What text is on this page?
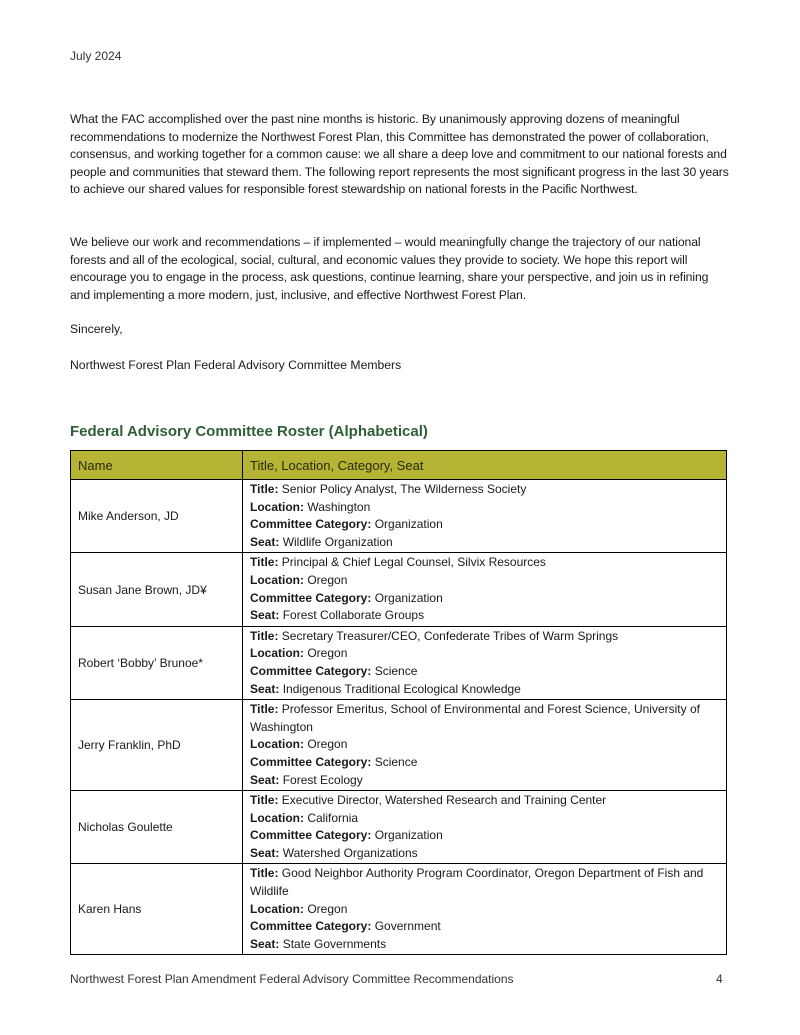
July 2024
What the FAC accomplished over the past nine months is historic. By unanimously approving dozens of meaningful recommendations to modernize the Northwest Forest Plan, this Committee has demonstrated the power of collaboration, consensus, and working together for a common cause: we all share a deep love and commitment to our national forests and people and communities that steward them. The following report represents the most significant progress in the last 30 years to achieve our shared values for responsible forest stewardship on national forests in the Pacific Northwest.
We believe our work and recommendations – if implemented – would meaningfully change the trajectory of our national forests and all of the ecological, social, cultural, and economic values they provide to society. We hope this report will encourage you to engage in the process, ask questions, continue learning, share your perspective, and join us in refining and implementing a more modern, just, inclusive, and effective Northwest Forest Plan.
Sincerely,
Northwest Forest Plan Federal Advisory Committee Members
Federal Advisory Committee Roster (Alphabetical)
Name	Title, Location, Category, Seat
Mike Anderson, JD	Title: Senior Policy Analyst, The Wilderness Society
Location: Washington
Committee Category: Organization
Seat: Wildlife Organization

Susan Jane Brown, JD¥	Title: Principal & Chief Legal Counsel, Silvix Resources
Location: Oregon
Committee Category: Organization
Seat: Forest Collaborate Groups

Robert ‘Bobby’ Brunoe*	Title: Secretary Treasurer/CEO, Confederate Tribes of Warm Springs
Location: Oregon
Committee Category: Science
Seat: Indigenous Traditional Ecological Knowledge

Jerry Franklin, PhD	Title: Professor Emeritus, School of Environmental and Forest Science, University of Washington
Location: Oregon
Committee Category: Science
Seat: Forest Ecology

Nicholas Goulette	Title: Executive Director, Watershed Research and Training Center
Location: California
Committee Category: Organization
Seat: Watershed Organizations

Karen Hans	Title: Good Neighbor Authority Program Coordinator, Oregon Department of Fish and Wildlife
Location: Oregon
Committee Category: Government
Seat: State Governments
Northwest Forest Plan Amendment Federal Advisory Committee Recommendations	4
